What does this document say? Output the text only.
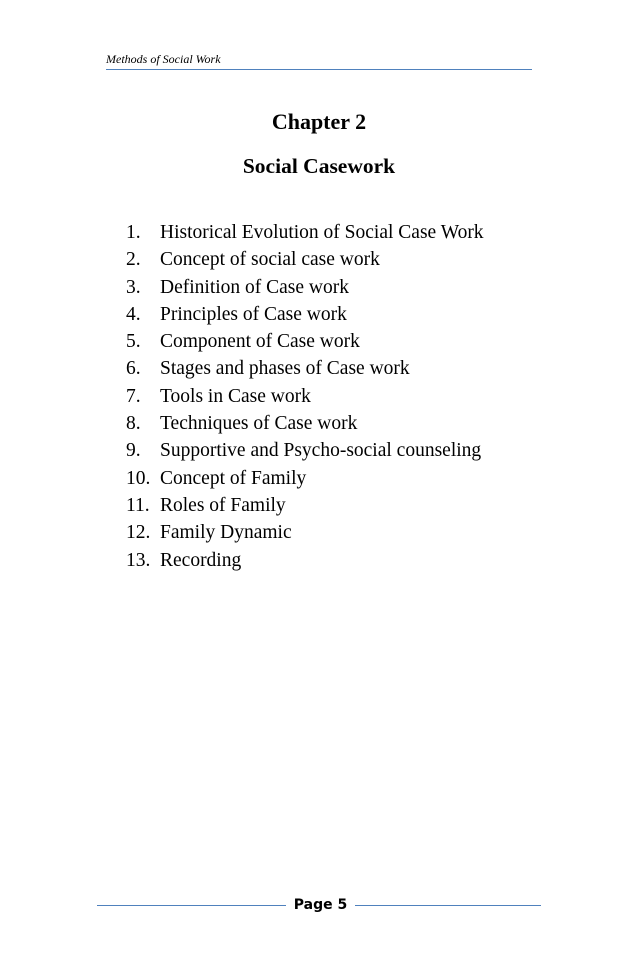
Methods of Social Work
Chapter 2
Social Casework
1. Historical Evolution of Social Case Work
2. Concept of social case work
3. Definition of Case work
4. Principles of Case work
5. Component of Case work
6. Stages and phases of Case work
7. Tools in Case work
8. Techniques of Case work
9. Supportive and Psycho-social counseling
10. Concept of Family
11. Roles of Family
12. Family Dynamic
13. Recording
Page 5
